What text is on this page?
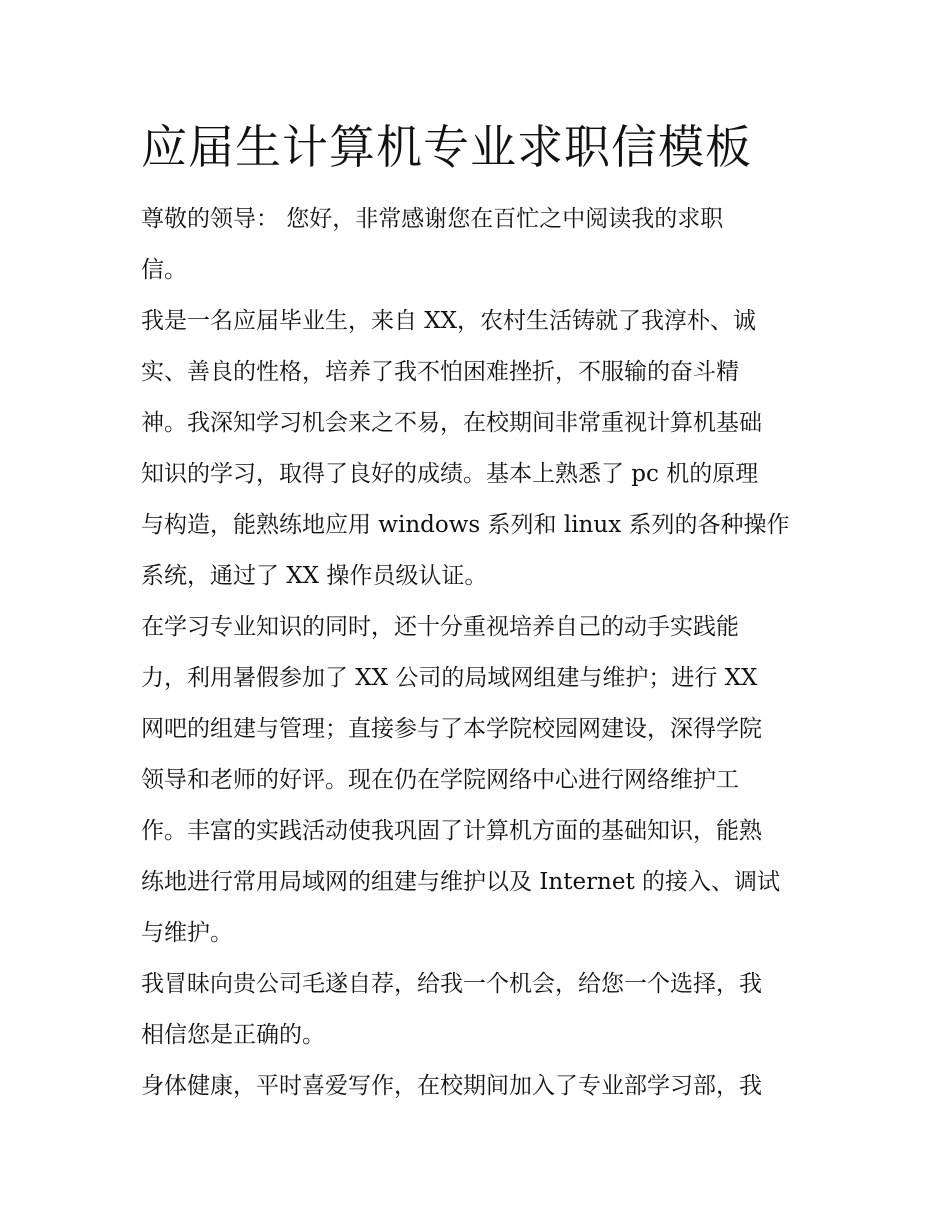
应届生计算机专业求职信模板

尊敬的领导： 您好，非常感谢您在百忙之中阅读我的求职
信。

我是一名应届毕业生，来自 XX，农村生活铸就了我淳朴、诚
实、善良的性格，培养了我不怕困难挫折，不服输的奋斗精
神。我深知学习机会来之不易，在校期间非常重视计算机基础
知识的学习，取得了良好的成绩。基本上熟悉了 pc 机的原理
与构造，能熟练地应用 windows 系列和 linux 系列的各种操作
系统，通过了 XX 操作员级认证。

在学习专业知识的同时，还十分重视培养自己的动手实践能
力，利用暑假参加了 XX 公司的局域网组建与维护；进行 XX
网吧的组建与管理；直接参与了本学院校园网建设，深得学院
领导和老师的好评。现在仍在学院网络中心进行网络维护工
作。丰富的实践活动使我巩固了计算机方面的基础知识，能熟
练地进行常用局域网的组建与维护以及 Internet 的接入、调试
与维护。

我冒昧向贵公司毛遂自荐，给我一个机会，给您一个选择，我
相信您是正确的。

身体健康，平时喜爱写作，在校期间加入了专业部学习部，我
